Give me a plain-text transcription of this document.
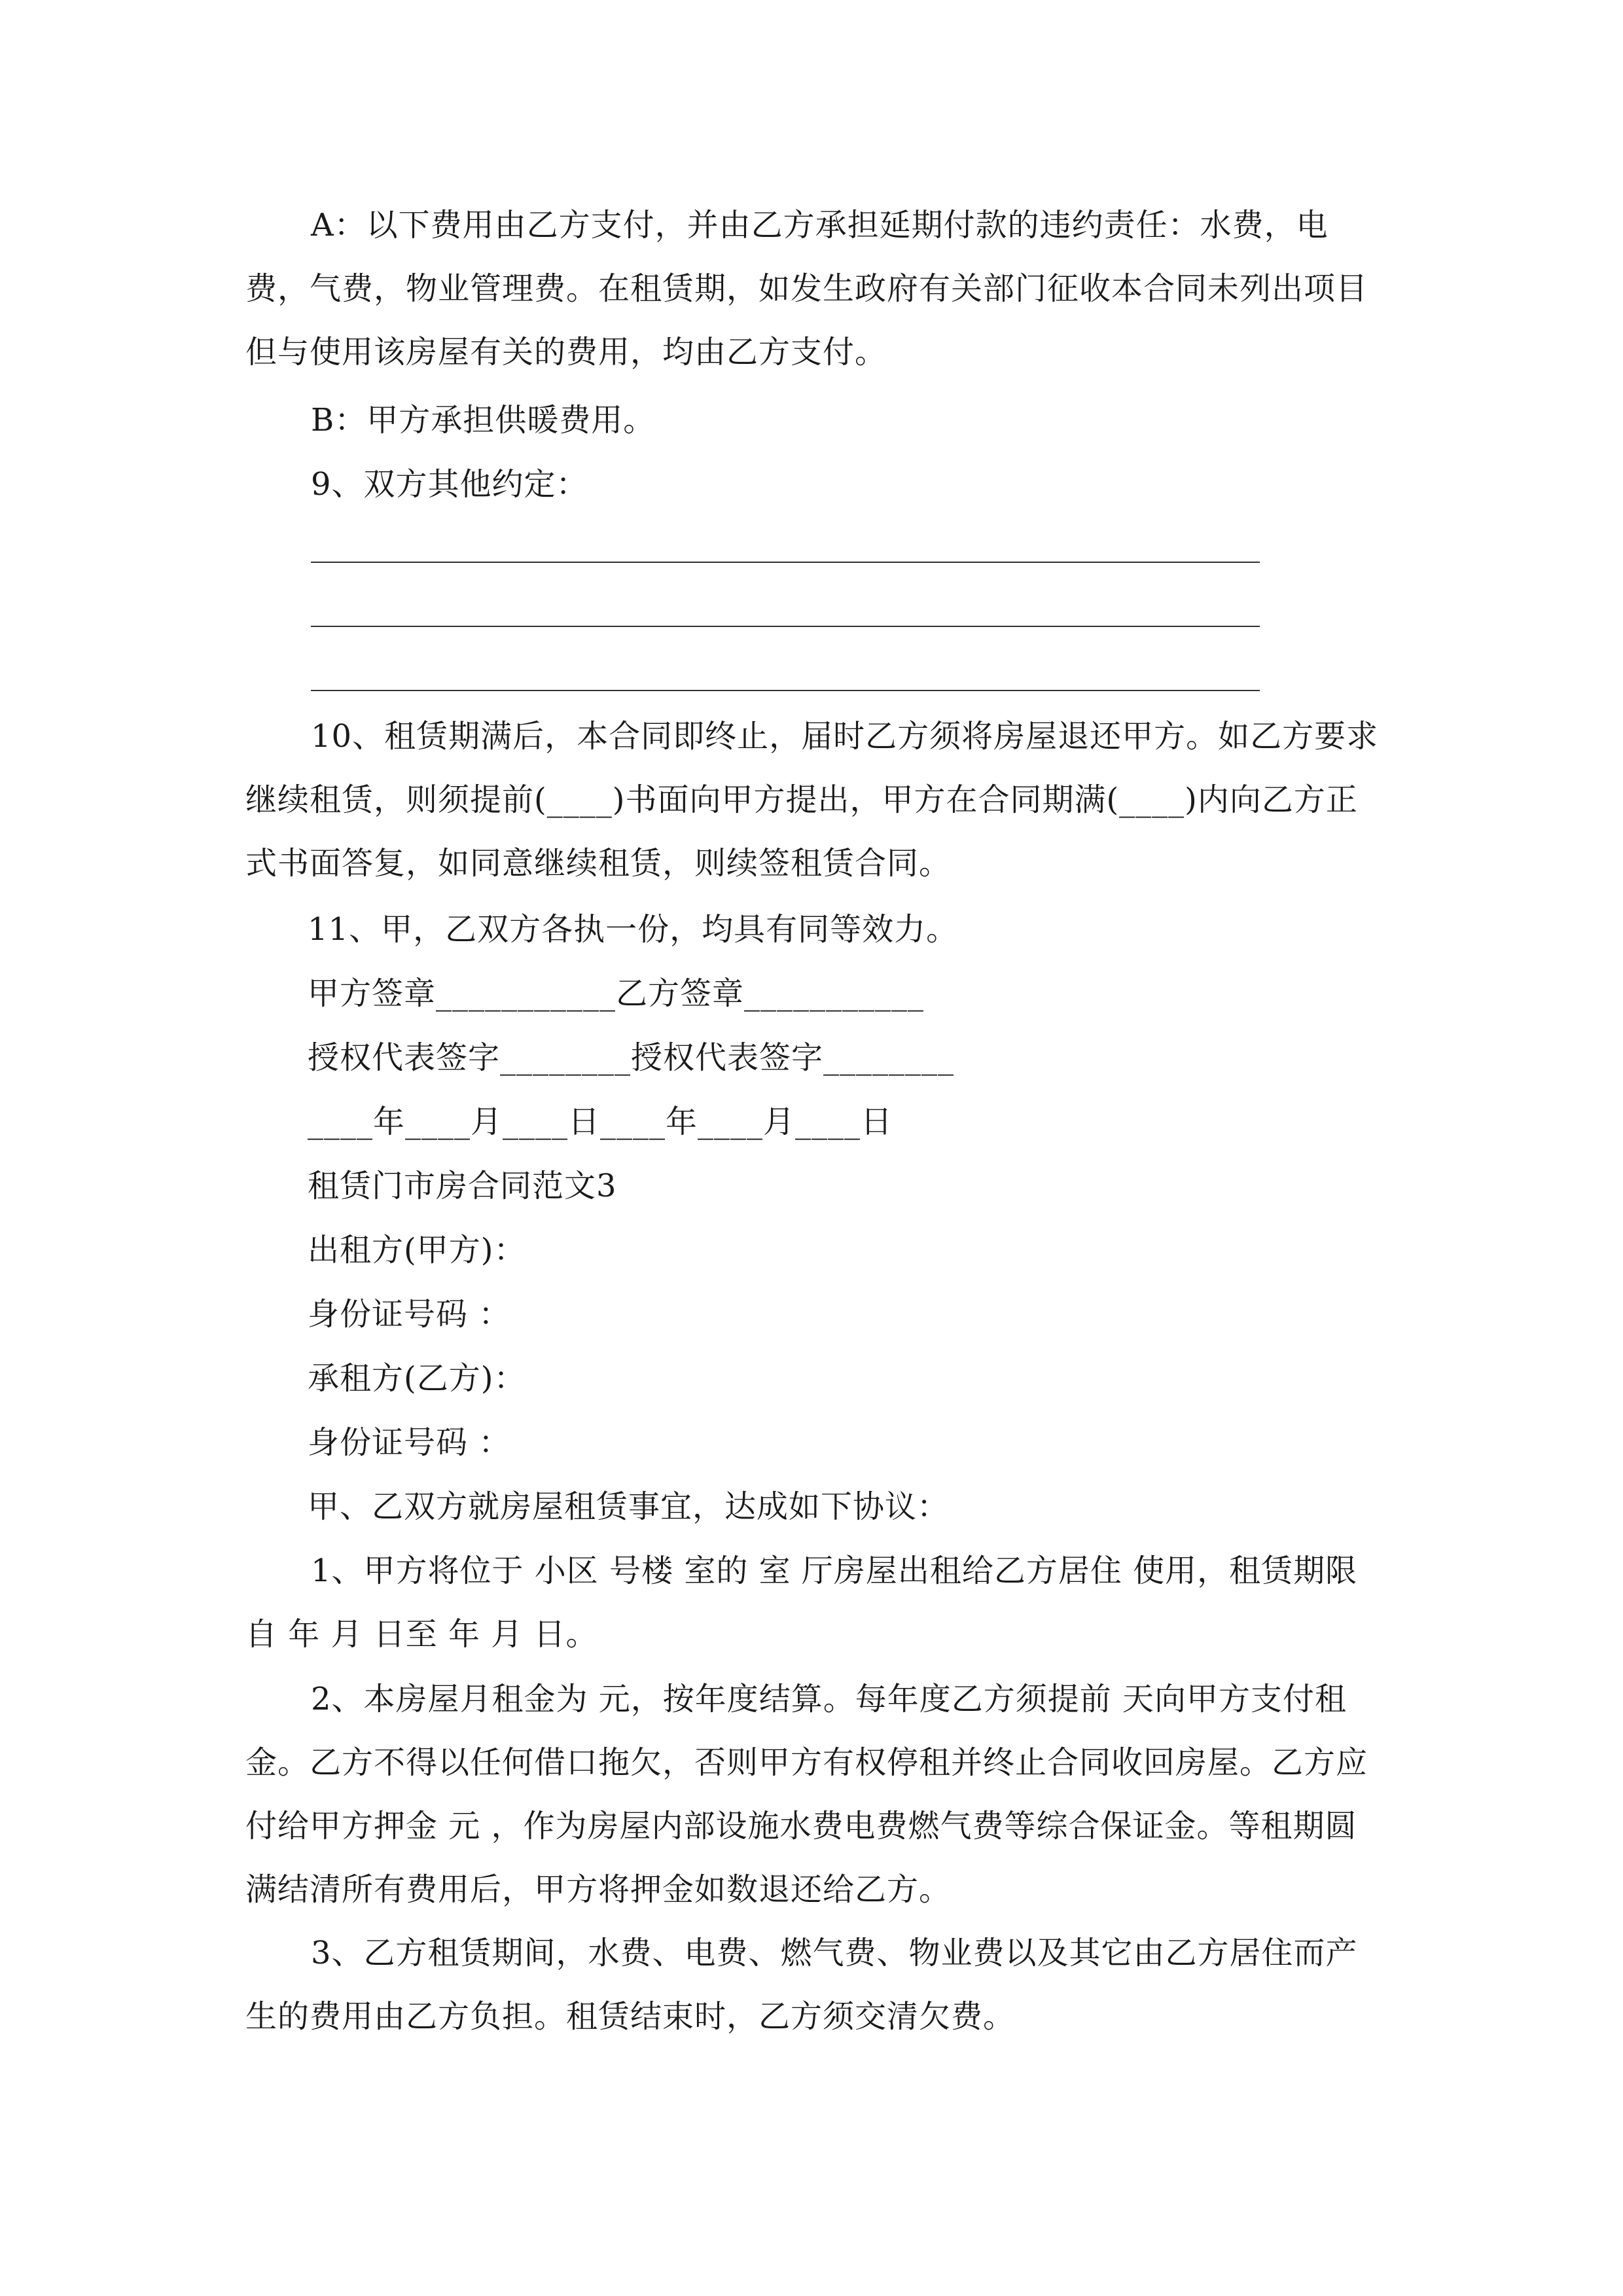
A：以下费用由乙方支付，并由乙方承担延期付款的违约责任：水费，电费，气费，物业管理费。在租赁期，如发生政府有关部门征收本合同未列出项目但与使用该房屋有关的费用，均由乙方支付。

B：甲方承担供暖费用。

9、双方其他约定：

10、租赁期满后，本合同即终止，届时乙方须将房屋退还甲方。如乙方要求继续租赁，则须提前(____)书面向甲方提出，甲方在合同期满(____)内向乙方正式书面答复，如同意继续租赁，则续签租赁合同。

11、甲，乙双方各执一份，均具有同等效力。
甲方签章___________乙方签章___________
授权代表签字________授权代表签字________
____年____月____日____年____月____日
租赁门市房合同范文3
出租方(甲方)：
身份证号码 ：
承租方(乙方)：
身份证号码 ：
甲、乙双方就房屋租赁事宜，达成如下协议：

1、甲方将位于 小区 号楼 室的 室 厅房屋出租给乙方居住 使用，租赁期限自 年 月 日至 年 月 日。

2、本房屋月租金为 元，按年度结算。每年度乙方须提前 天向甲方支付租金。乙方不得以任何借口拖欠，否则甲方有权停租并终止合同收回房屋。乙方应付给甲方押金 元 ，作为房屋内部设施水费电费燃气费等综合保证金。等租期圆满结清所有费用后，甲方将押金如数退还给乙方。

3、乙方租赁期间，水费、电费、燃气费、物业费以及其它由乙方居住而产生的费用由乙方负担。租赁结束时，乙方须交清欠费。
